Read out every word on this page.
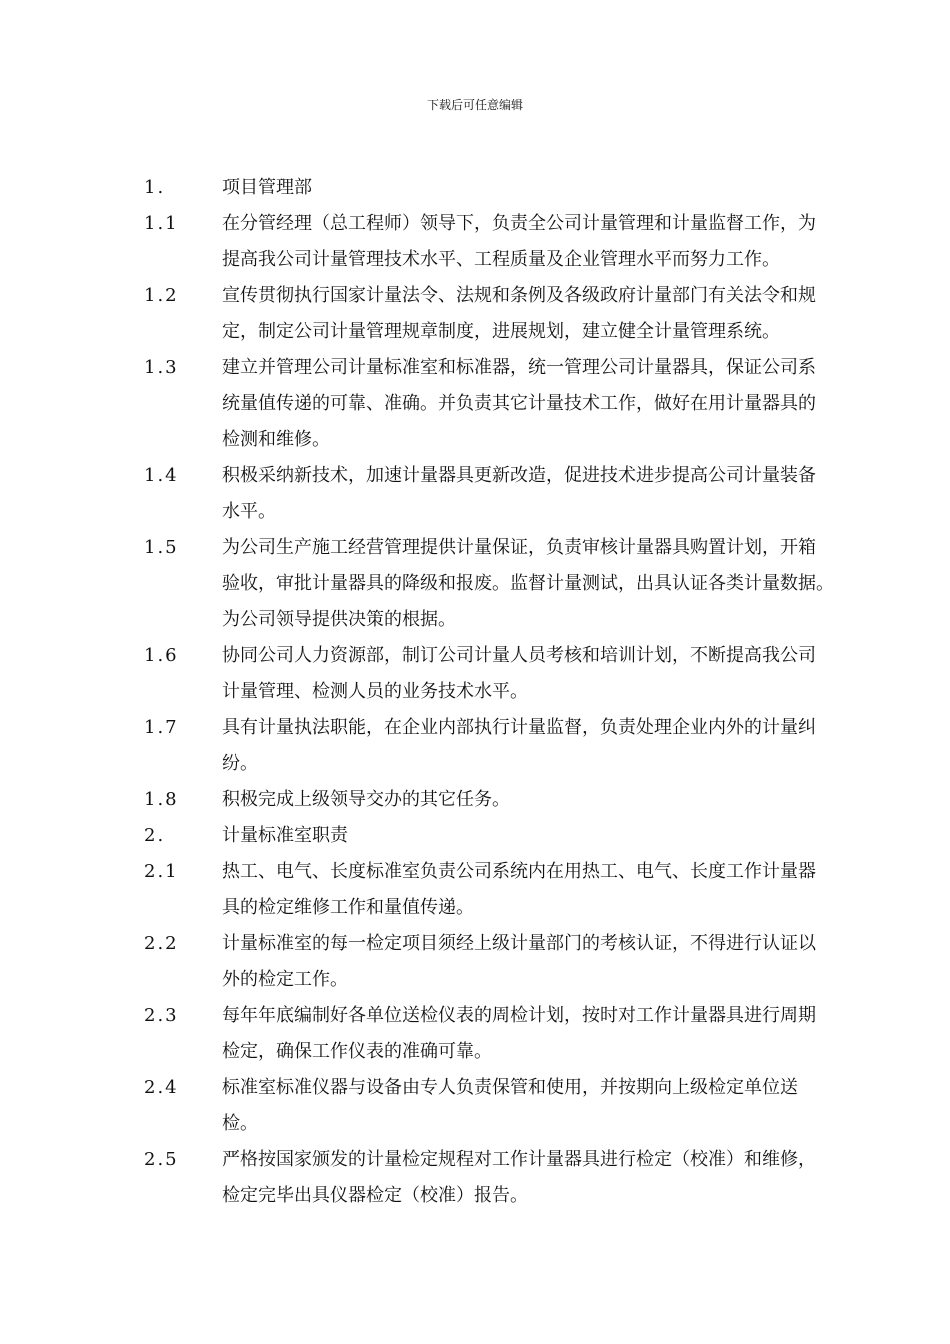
下载后可任意编辑
1.	项目管理部
1.1	在分管经理（总工程师）领导下，负责全公司计量管理和计量监督工作，为
提高我公司计量管理技术水平、工程质量及企业管理水平而努力工作。
1.2	宣传贯彻执行国家计量法令、法规和条例及各级政府计量部门有关法令和规
定，制定公司计量管理规章制度，进展规划，建立健全计量管理系统。
1.3	建立并管理公司计量标准室和标准器，统一管理公司计量器具，保证公司系
统量值传递的可靠、准确。并负责其它计量技术工作，做好在用计量器具的
检测和维修。
1.4	积极采纳新技术，加速计量器具更新改造，促进技术进步提高公司计量装备
水平。
1.5	为公司生产施工经营管理提供计量保证，负责审核计量器具购置计划，开箱
验收，审批计量器具的降级和报废。监督计量测试，出具认证各类计量数据。
为公司领导提供决策的根据。
1.6	协同公司人力资源部，制订公司计量人员考核和培训计划，不断提高我公司
计量管理、检测人员的业务技术水平。
1.7	具有计量执法职能，在企业内部执行计量监督，负责处理企业内外的计量纠
纷。
1.8	积极完成上级领导交办的其它任务。
2.	计量标准室职责
2.1	热工、电气、长度标准室负责公司系统内在用热工、电气、长度工作计量器
具的检定维修工作和量值传递。
2.2	计量标准室的每一检定项目须经上级计量部门的考核认证，不得进行认证以
外的检定工作。
2.3	每年年底编制好各单位送检仪表的周检计划，按时对工作计量器具进行周期
检定，确保工作仪表的准确可靠。
2.4	标准室标准仪器与设备由专人负责保管和使用，并按期向上级检定单位送
检。
2.5	严格按国家颁发的计量检定规程对工作计量器具进行检定（校准）和维修，
检定完毕出具仪器检定（校准）报告。
